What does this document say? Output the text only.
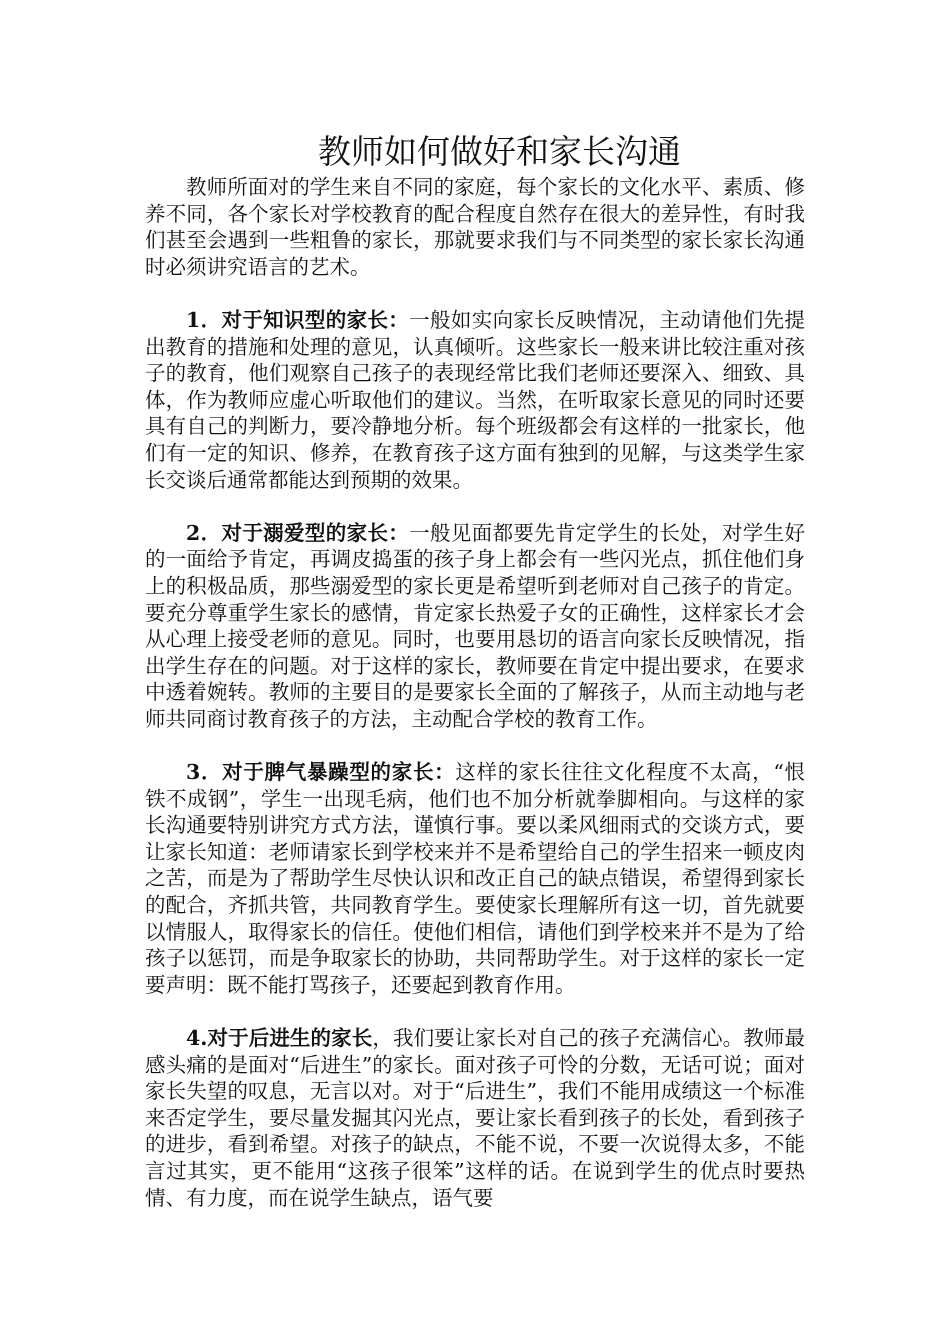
教师如何做好和家长沟通

教师所面对的学生来自不同的家庭，每个家长的文化水平、素质、修养不同，各个家长对学校教育的配合程度自然存在很大的差异性，有时我们甚至会遇到一些粗鲁的家长，那就要求我们与不同类型的家长家长沟通时必须讲究语言的艺术。

1．对于知识型的家长：一般如实向家长反映情况，主动请他们先提出教育的措施和处理的意见，认真倾听。这些家长一般来讲比较注重对孩子的教育，他们观察自己孩子的表现经常比我们老师还要深入、细致、具体，作为教师应虚心听取他们的建议。当然，在听取家长意见的同时还要具有自己的判断力，要冷静地分析。每个班级都会有这样的一批家长，他们有一定的知识、修养，在教育孩子这方面有独到的见解，与这类学生家长交谈后通常都能达到预期的效果。

2．对于溺爱型的家长：一般见面都要先肯定学生的长处，对学生好的一面给予肯定，再调皮捣蛋的孩子身上都会有一些闪光点，抓住他们身上的积极品质，那些溺爱型的家长更是希望听到老师对自己孩子的肯定。要充分尊重学生家长的感情，肯定家长热爱子女的正确性，这样家长才会从心理上接受老师的意见。同时，也要用恳切的语言向家长反映情况，指出学生存在的问题。对于这样的家长，教师要在肯定中提出要求，在要求中透着婉转。教师的主要目的是要家长全面的了解孩子，从而主动地与老师共同商讨教育孩子的方法，主动配合学校的教育工作。

3．对于脾气暴躁型的家长：这样的家长往往文化程度不太高，“恨铁不成钢”，学生一出现毛病，他们也不加分析就拳脚相向。与这样的家长沟通要特别讲究方式方法，谨慎行事。要以柔风细雨式的交谈方式，要让家长知道：老师请家长到学校来并不是希望给自己的学生招来一顿皮肉之苦，而是为了帮助学生尽快认识和改正自己的缺点错误，希望得到家长的配合，齐抓共管，共同教育学生。要使家长理解所有这一切，首先就要以情服人，取得家长的信任。使他们相信，请他们到学校来并不是为了给孩子以惩罚，而是争取家长的协助，共同帮助学生。对于这样的家长一定要声明：既不能打骂孩子，还要起到教育作用。

4.对于后进生的家长，我们要让家长对自己的孩子充满信心。教师最感头痛的是面对“后进生”的家长。面对孩子可怜的分数，无话可说；面对家长失望的叹息，无言以对。对于“后进生”，我们不能用成绩这一个标准来否定学生，要尽量发掘其闪光点，要让家长看到孩子的长处，看到孩子的进步，看到希望。对孩子的缺点，不能不说，不要一次说得太多，不能言过其实，更不能用“这孩子很笨”这样的话。在说到学生的优点时要热情、有力度，而在说学生缺点，语气要
